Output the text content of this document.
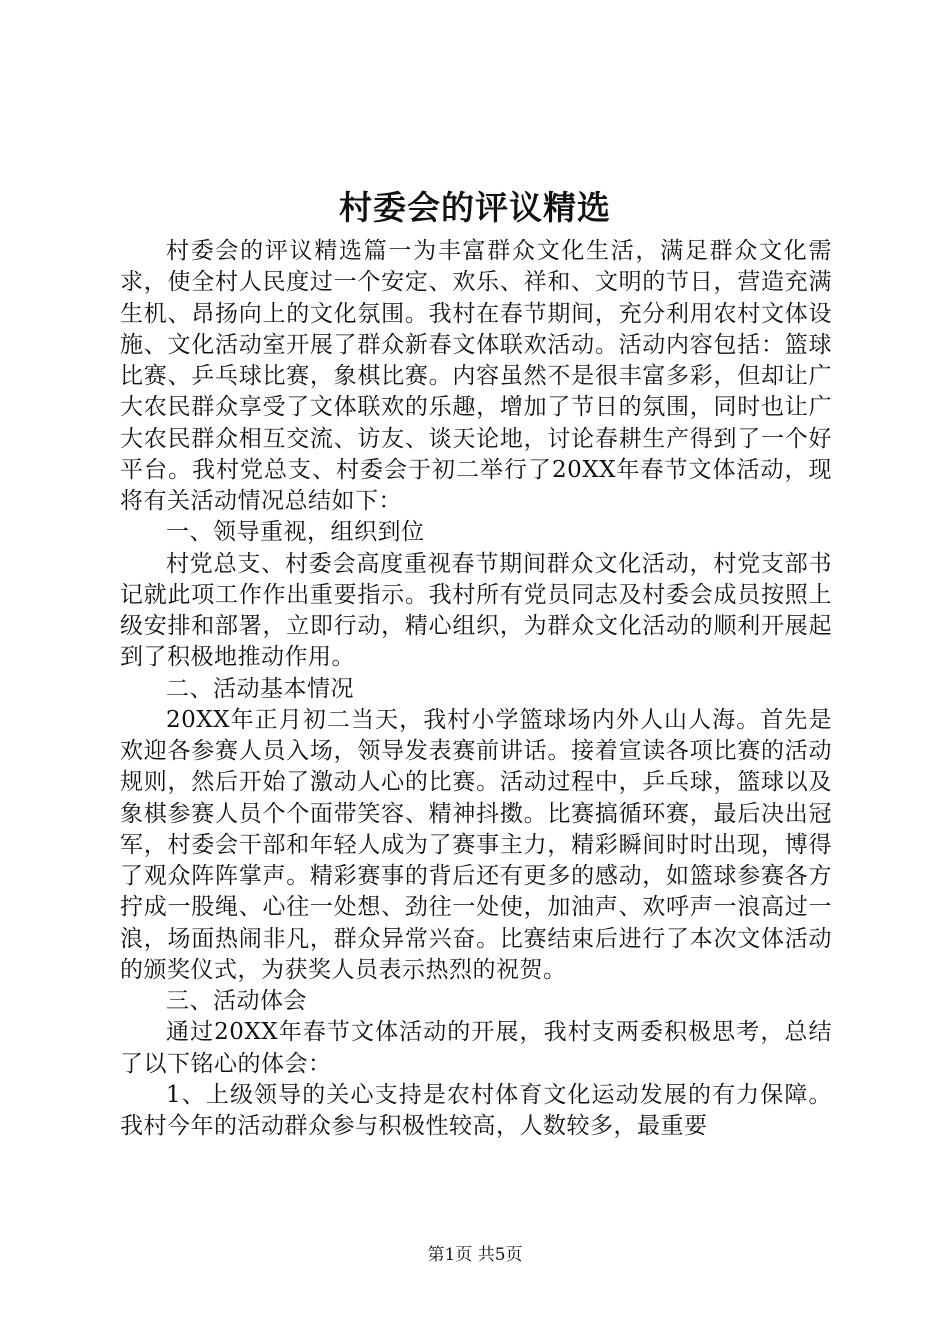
村委会的评议精选

村委会的评议精选篇一为丰富群众文化生活，满足群众文化需求，使全村人民度过一个安定、欢乐、祥和、文明的节日，营造充满生机、昂扬向上的文化氛围。我村在春节期间，充分利用农村文体设施、文化活动室开展了群众新春文体联欢活动。活动内容包括：篮球比赛、乒乓球比赛，象棋比赛。内容虽然不是很丰富多彩，但却让广大农民群众享受了文体联欢的乐趣，增加了节日的氛围，同时也让广大农民群众相互交流、访友、谈天论地，讨论春耕生产得到了一个好平台。我村党总支、村委会于初二举行了20XX年春节文体活动，现将有关活动情况总结如下：

一、领导重视，组织到位

村党总支、村委会高度重视春节期间群众文化活动，村党支部书记就此项工作作出重要指示。我村所有党员同志及村委会成员按照上级安排和部署，立即行动，精心组织，为群众文化活动的顺利开展起到了积极地推动作用。

二、活动基本情况

20XX年正月初二当天，我村小学篮球场内外人山人海。首先是欢迎各参赛人员入场，领导发表赛前讲话。接着宣读各项比赛的活动规则，然后开始了激动人心的比赛。活动过程中，乒乓球，篮球以及象棋参赛人员个个面带笑容、精神抖擞。比赛搞循环赛，最后决出冠军，村委会干部和年轻人成为了赛事主力，精彩瞬间时时出现，博得了观众阵阵掌声。精彩赛事的背后还有更多的感动，如篮球参赛各方拧成一股绳、心往一处想、劲往一处使，加油声、欢呼声一浪高过一浪，场面热闹非凡，群众异常兴奋。比赛结束后进行了本次文体活动的颁奖仪式，为获奖人员表示热烈的祝贺。

三、活动体会

通过20XX年春节文体活动的开展，我村支两委积极思考，总结了以下铭心的体会：

1、上级领导的关心支持是农村体育文化运动发展的有力保障。我村今年的活动群众参与积极性较高，人数较多，最重要

第1页 共5页
